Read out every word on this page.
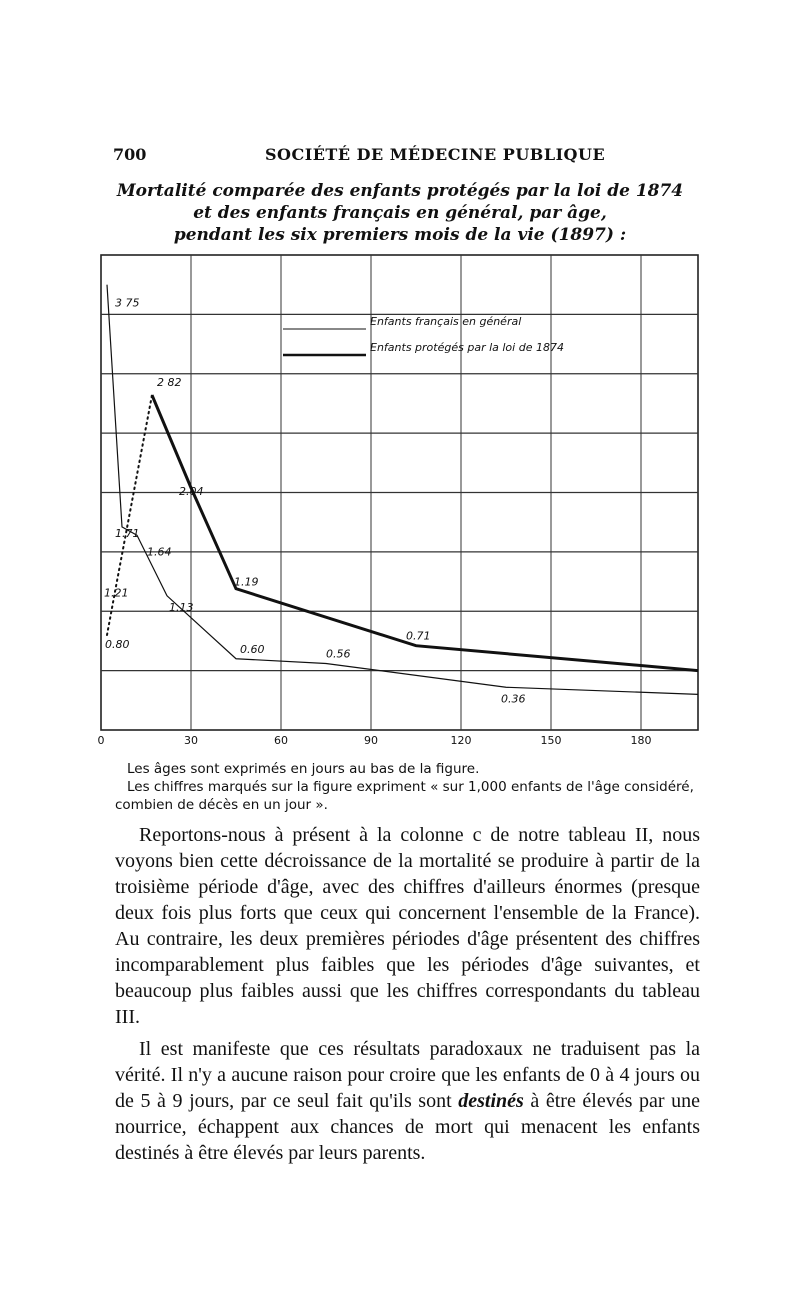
700	SOCIÉTÉ DE MÉDECINE PUBLIQUE
Mortalité comparée des enfants protégés par la loi de 1874
et des enfants français en général, par âge,
pendant les six premiers mois de la vie (1897) :
0	30	60	90	120	150	180
3 75
1.71
1.64
1.13
0.60	0.56
0.36
2 82
2.04
1.19
0.71
0.80
1.21
Enfants français en général
Enfants protégés par la loi de 1874

Les âges sont exprimés en jours au bas de la figure.

Les chiffres marqués sur la figure expriment « sur 1,000 enfants de l'âge considéré, combien de décès en un jour ».

Reportons-nous à présent à la colonne c de notre tableau II, nous voyons bien cette décroissance de la mortalité se produire à partir de la troisième période d'âge, avec des chiffres d'ailleurs énormes (presque deux fois plus forts que ceux qui concernent l'ensemble de la France). Au contraire, les deux premières périodes d'âge présentent des chiffres incomparablement plus faibles que les périodes d'âge suivantes, et beaucoup plus faibles aussi que les chiffres correspondants du tableau III.

Il est manifeste que ces résultats paradoxaux ne traduisent pas la vérité. Il n'y a aucune raison pour croire que les enfants de 0 à 4 jours ou de 5 à 9 jours, par ce seul fait qu'ils sont destinés à être élevés par une nourrice, échappent aux chances de mort qui menacent les enfants destinés à être élevés par leurs parents.
